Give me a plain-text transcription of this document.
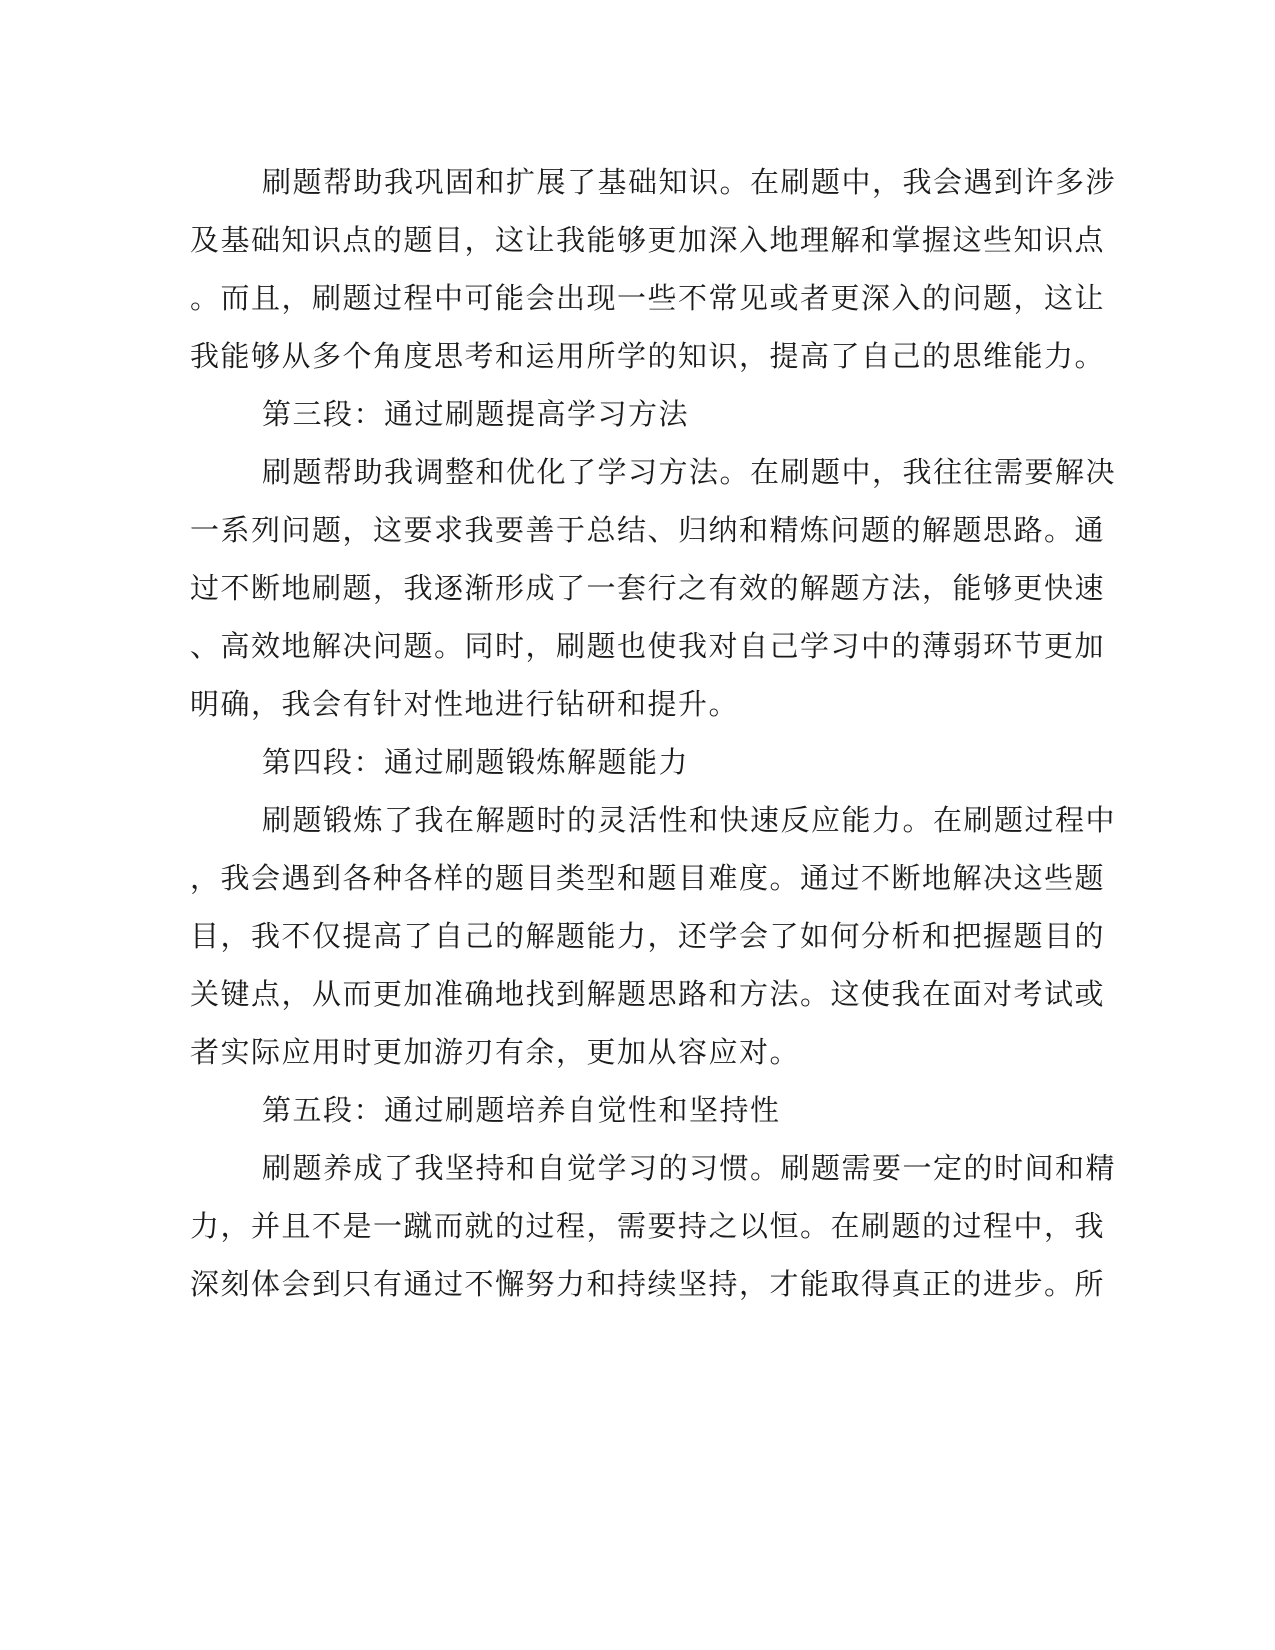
刷题帮助我巩固和扩展了基础知识。在刷题中，我会遇到许多涉
及基础知识点的题目，这让我能够更加深入地理解和掌握这些知识点
。而且，刷题过程中可能会出现一些不常见或者更深入的问题，这让
我能够从多个角度思考和运用所学的知识，提高了自己的思维能力。
第三段：通过刷题提高学习方法
刷题帮助我调整和优化了学习方法。在刷题中，我往往需要解决
一系列问题，这要求我要善于总结、归纳和精炼问题的解题思路。通
过不断地刷题，我逐渐形成了一套行之有效的解题方法，能够更快速
、高效地解决问题。同时，刷题也使我对自己学习中的薄弱环节更加
明确，我会有针对性地进行钻研和提升。
第四段：通过刷题锻炼解题能力
刷题锻炼了我在解题时的灵活性和快速反应能力。在刷题过程中
，我会遇到各种各样的题目类型和题目难度。通过不断地解决这些题
目，我不仅提高了自己的解题能力，还学会了如何分析和把握题目的
关键点，从而更加准确地找到解题思路和方法。这使我在面对考试或
者实际应用时更加游刃有余，更加从容应对。
第五段：通过刷题培养自觉性和坚持性
刷题养成了我坚持和自觉学习的习惯。刷题需要一定的时间和精
力，并且不是一蹴而就的过程，需要持之以恒。在刷题的过程中，我
深刻体会到只有通过不懈努力和持续坚持，才能取得真正的进步。所
